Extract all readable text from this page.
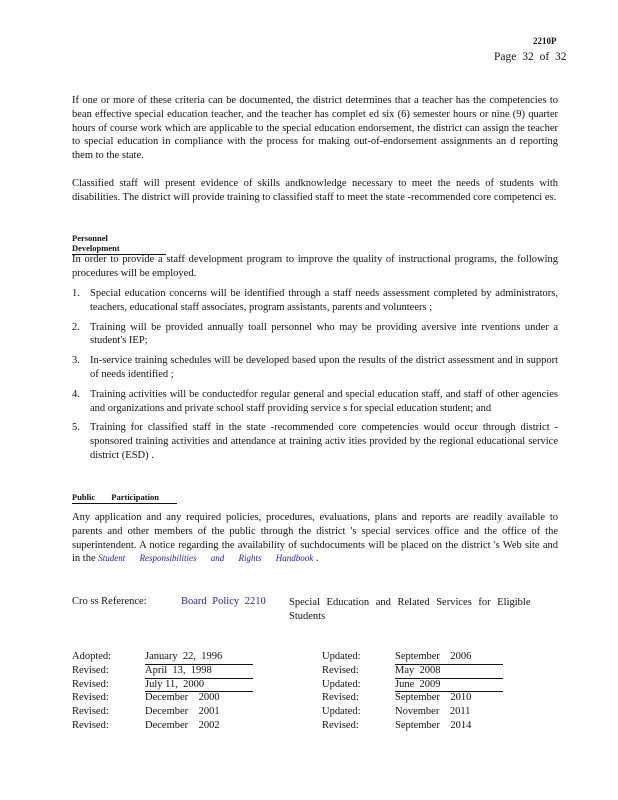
2210P
Page 32 of 32
If one or more of these criteria can be documented, the district determines that a teacher has the competencies to bean effective special education teacher, and the teacher has complet ed six (6) semester hours or nine (9) quarter hours of course work which are applicable to the special education endorsement, the district can assign the teacher to special education in compliance with the process for making out-of-endorsement assignments an d reporting them to the state.
Classified staff will present evidence of skills andknowledge necessary to meet the needs of students with disabilities. The district will provide training to classified staff to meet the state -recommended core competenci es.
Personnel Development
In order to provide a staff development program to improve the quality of instructional programs, the following procedures will be employed.
1. Special education concerns will be identified through a staff needs assessment completed by administrators, teachers, educational staff associates, program assistants, parents and volunteers ;
2. Training will be provided annually toall personnel who may be providing aversive inte rventions under a student's IEP;
3. In-service training schedules will be developed based upon the results of the district assessment and in support of needs identified ;
4. Training activities will be conductedfor regular general and special education staff, and staff of other agencies and organizations and private school staff providing service s for special education student; and
5. Training for classified staff in the state -recommended core competencies would occur through district -sponsored training activities and attendance at training activ ities provided by the regional educational service district (ESD) .
Public Participation
Any application and any required policies, procedures, evaluations, plans and reports are readily available to parents and other members of the public through the district 's special services office and the office of the superintendent. A notice regarding the availability of suchdocuments will be placed on the district 's Web site and in the Student Responsibilities and Rights Handbook .
Cro ss Reference:	Board Policy 2210 Special Education and Related Services for Eligible Students
Adopted:	January  22,  1996
Revised:	April  13,  1998
Revised:	July 11,  2000
Revised:	December    2000
Revised:	December    2001
Revised:	December    2002
Updated:	September    2006
Revised:	May  2008
Updated:	June  2009
Revised:	September    2010
Updated:	November    2011
Revised:	September    2014
